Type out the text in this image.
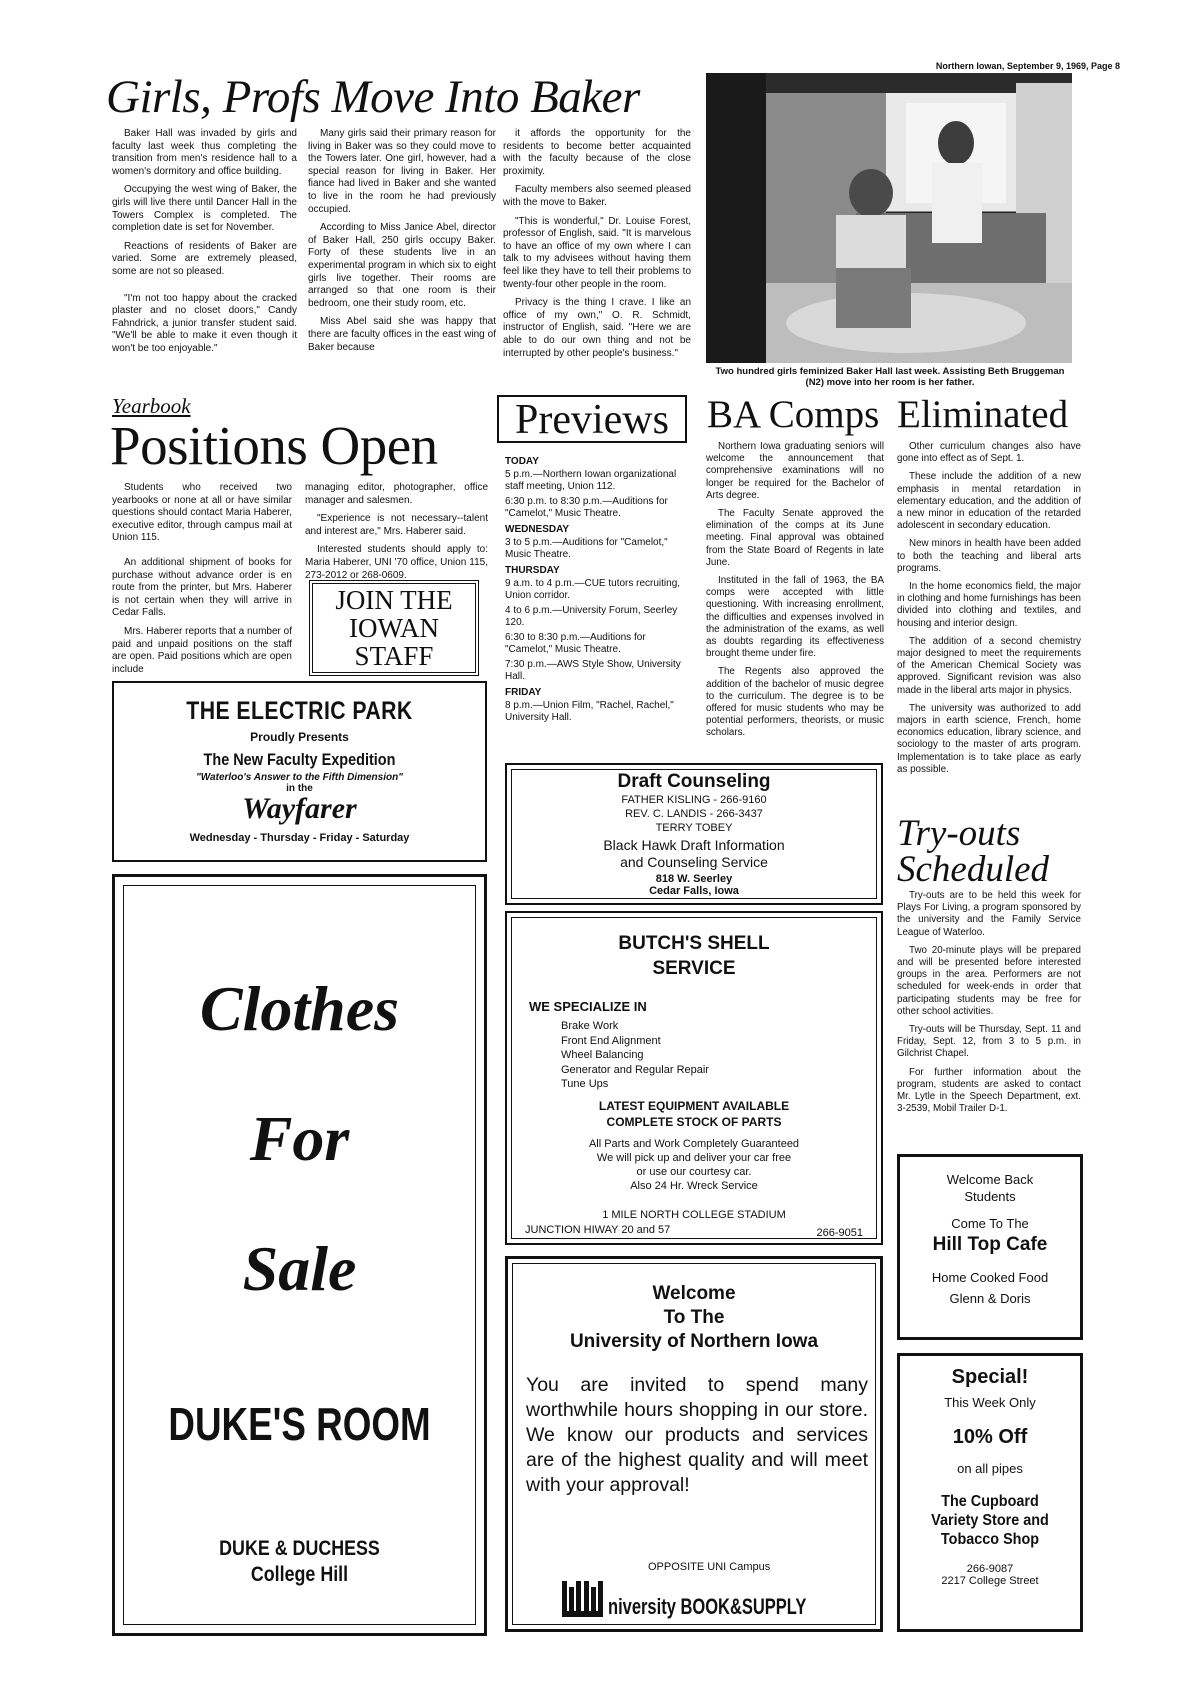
Northern Iowan, September 9, 1969, Page 8
Girls, Profs Move Into Baker

Baker Hall was invaded by girls and faculty last week thus completing the transition from men's residence hall to a women's dormitory and office building.

Occupying the west wing of Baker, the girls will live there until Dancer Hall in the Towers Complex is completed. The completion date is set for November.

Reactions of residents of Baker are varied. Some are extremely pleased, some are not so pleased.

"I'm not too happy about the cracked plaster and no closet doors," Candy Fahndrick, a junior transfer student said. "We'll be able to make it even though it won't be too enjoyable."

Many girls said their primary reason for living in Baker was so they could move to the Towers later. One girl, however, had a special reason for living in Baker. Her fiance had lived in Baker and she wanted to live in the room he had previously occupied.

According to Miss Janice Abel, director of Baker Hall, 250 girls occupy Baker. Forty of these students live in an experimental program in which six to eight girls live together. Their rooms are arranged so that one room is their bedroom, one their study room, etc.

Miss Abel said she was happy that there are faculty offices in the east wing of Baker because

it affords the opportunity for the residents to become better acquainted with the faculty because of the close proximity.

Faculty members also seemed pleased with the move to Baker.

"This is wonderful," Dr. Louise Forest, professor of English, said. "It is marvelous to have an office of my own where I can talk to my advisees without having them feel like they have to tell their problems to twenty-four other people in the room.

Privacy is the thing I crave. I like an office of my own," O. R. Schmidt, instructor of English, said. "Here we are able to do our own thing and not be interrupted by other people's business."

Two hundred girls feminized Baker Hall last week. Assisting Beth Bruggeman (N2) move into her room is her father.
Yearbook
Positions Open

Students who received two yearbooks or none at all or have similar questions should contact Maria Haberer, executive editor, through campus mail at Union 115.

An additional shipment of books for purchase without advance order is en route from the printer, but Mrs. Haberer is not certain when they will arrive in Cedar Falls.

Mrs. Haberer reports that a number of paid and unpaid positions on the staff are open. Paid positions which are open include

managing editor, photographer, office manager and salesmen.

"Experience is not necessary--talent and interest are," Mrs. Haberer said.

Interested students should apply to: Maria Haberer, UNI '70 office, Union 115, 273-2012 or 268-0609.

JOIN THE
IOWAN
STAFF
Previews
TODAY
5 p.m.—Northern Iowan organizational staff meeting, Union 112.
6:30 p.m. to 8:30 p.m.—Auditions for "Camelot," Music Theatre.
WEDNESDAY
3 to 5 p.m.—Auditions for "Camelot," Music Theatre.
THURSDAY
9 a.m. to 4 p.m.—CUE tutors recruiting, Union corridor.
4 to 6 p.m.—University Forum, Seerley 120.
6:30 to 8:30 p.m.—Auditions for "Camelot," Music Theatre.
7:30 p.m.—AWS Style Show, University Hall.
FRIDAY
8 p.m.—Union Film, "Rachel, Rachel," University Hall.
BA Comps

Northern Iowa graduating seniors will welcome the announcement that comprehensive examinations will no longer be required for the Bachelor of Arts degree.

The Faculty Senate approved the elimination of the comps at its June meeting. Final approval was obtained from the State Board of Regents in late June.

Instituted in the fall of 1963, the BA comps were accepted with little questioning. With increasing enrollment, the difficulties and expenses involved in the administration of the exams, as well as doubts regarding its effectiveness brought theme under fire.

The Regents also approved the addition of the bachelor of music degree to the curriculum. The degree is to be offered for music students who may be potential performers, theorists, or music scholars.

Eliminated

Other curriculum changes also have gone into effect as of Sept. 1.

These include the addition of a new emphasis in mental retardation in elementary education, and the addition of a new minor in education of the retarded adolescent in secondary education.

New minors in health have been added to both the teaching and liberal arts programs.

In the home economics field, the major in clothing and home furnishings has been divided into clothing and textiles, and housing and interior design.

The addition of a second chemistry major designed to meet the requirements of the American Chemical Society was approved. Significant revision was also made in the liberal arts major in physics.

The university was authorized to add majors in earth science, French, home economics education, library science, and sociology to the master of arts program. Implementation is to take place as early as possible.

Try-outs
Scheduled

Try-outs are to be held this week for Plays For Living, a program sponsored by the university and the Family Service League of Waterloo.

Two 20-minute plays will be prepared and will be presented before interested groups in the area. Performers are not scheduled for week-ends in order that participating students may be free for other school activities.

Try-outs will be Thursday, Sept. 11 and Friday, Sept. 12, from 3 to 5 p.m. in Gilchrist Chapel.

For further information about the program, students are asked to contact Mr. Lytle in the Speech Department, ext. 3-2539, Mobil Trailer D-1.

THE ELECTRIC PARK
Proudly Presents
The New Faculty Expedition
"Waterloo's Answer to the Fifth Dimension"
in the
Wayfarer
Wednesday - Thursday - Friday - Saturday
Clothes
For
Sale
DUKE'S ROOM
DUKE & DUCHESS
College Hill
Draft Counseling
FATHER KISLING - 266-9160
REV. C. LANDIS - 266-3437
TERRY TOBEY
Black Hawk Draft Information
and Counseling Service
818 W. Seerley
Cedar Falls, Iowa
BUTCH'S SHELL
SERVICE
WE SPECIALIZE IN
Brake Work
Front End Alignment
Wheel Balancing
Generator and Regular Repair
Tune Ups
LATEST EQUIPMENT AVAILABLE
COMPLETE STOCK OF PARTS
All Parts and Work Completely Guaranteed
We will pick up and deliver your car free
or use our courtesy car.
Also 24 Hr. Wreck Service
1 MILE NORTH COLLEGE STADIUM
JUNCTION HIWAY 20 and 57	266-9051
Welcome
To The
University of Northern Iowa
You are invited to spend many worthwhile hours shopping in our store. We know our products and services are of the highest quality and will meet with your approval!
OPPOSITE UNI Campus
niversity BOOK&SUPPLY
Welcome Back
Students
Come To The
Hill Top Cafe
Home Cooked Food
Glenn & Doris
Special!
This Week Only
10% Off
on all pipes
The Cupboard Variety Store and Tobacco Shop
266-9087
2217 College Street
